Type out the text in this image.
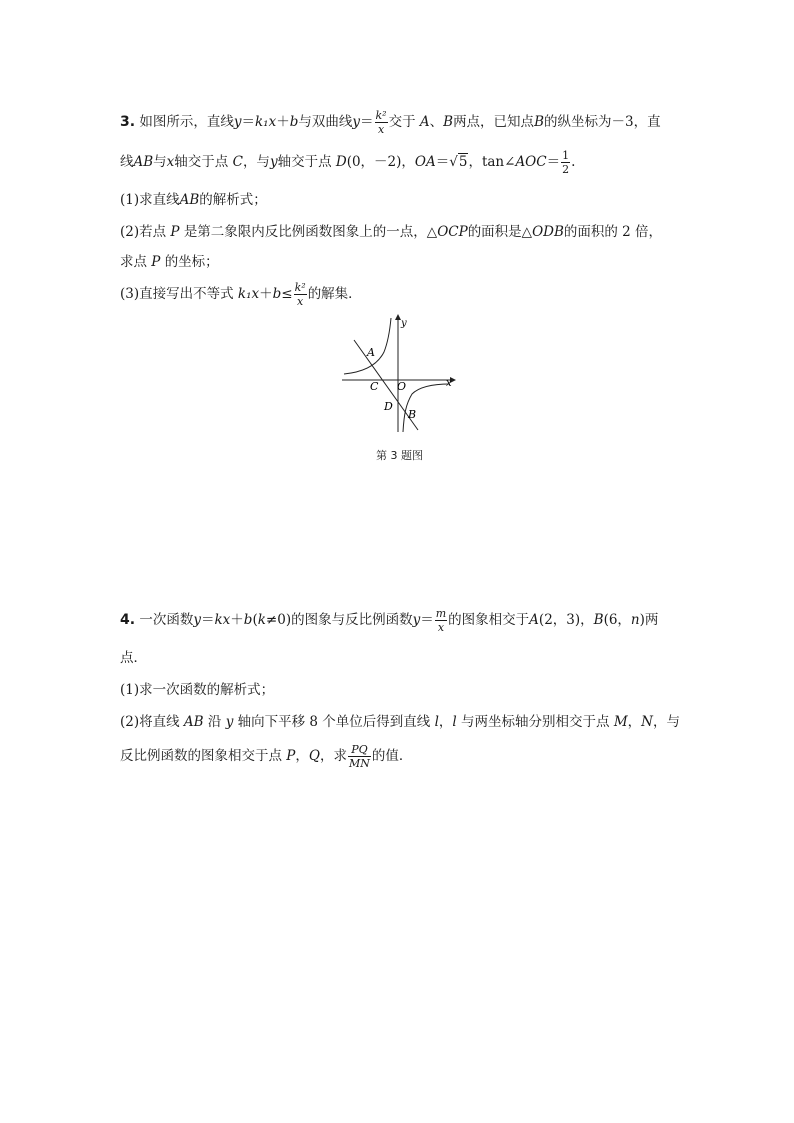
3. 如图所示，直线y＝k₁x＋b与双曲线$y= \frac{\text{k²}}{x}$ 交于 A、B两点，已知点B的纵坐标为－3，直
线AB与x轴交于点 C，与y轴交于点 D(0，－2)，OA＝√5，tan∠AOC＝ $\frac{1}{2}$ .
(1)求直线AB的解析式；
(2)若点 P 是第二象限内反比例函数图象上的一点，△OCP的面积是△ODB的面积的 2 倍，
求点 P 的坐标；
(3)直接写出不等式 $k_1x+b\le \frac{\text{k²}}{x}$ 的解集．
A
C O
D
B
x
y
第 3 题图
4. 一次函数y＝kx＋b(k≠0)的图象与反比例函数$y= \frac{m}{x}$ 的图象相交于A(2，3)，B(6，n)两
点．
(1)求一次函数的解析式；
(2)将直线 AB 沿 y 轴向下平移 8 个单位后得到直线 l，l 与两坐标轴分别相交于点 M，N，与
反比例函数的图象相交于点 P，Q，求 $\frac{PQ}{MN}$ 的值．
